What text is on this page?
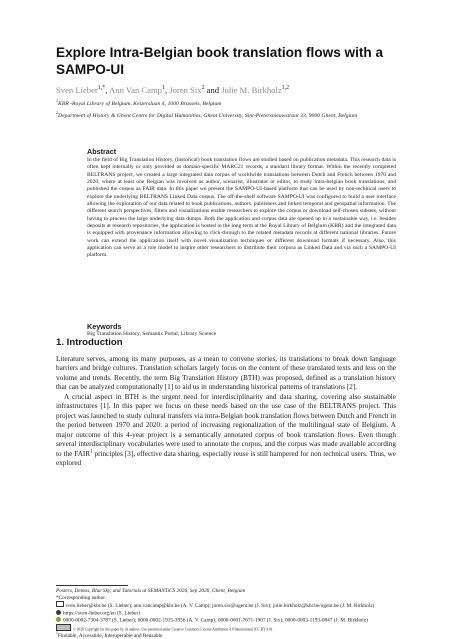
Explore Intra-Belgian book translation flows with a
SAMPO-UI
Sven Lieber$^{1,*}$, Ann Van Camp$^1$, Joren Six$^2$ and Julie M. Birkholz$^{1,2}$
$^1$KBR -Royal Library of Belgium, Keizerslaan 4, 1000 Brussels, Belgium
$^2$Department of History & Ghent Centre for Digital Humanities, Ghent University, Sint-Pietersnieuwstraat 33, 9000 Ghent, Belgium
Abstract
In the field of Big Translation History, (historical) book translation flows are studied based on publication metadata. This research data is often kept internally or only provided as domain-specific MARC21 records, a standard library format. Within the recently completed BELTRANS project, we created a large integrated data corpus of worldwide translations between Dutch and French between 1970 and 2020, where at least one Belgian was involved as author, scenarist, illustrator or editor, to study intra-belgian book translations, and published the corpus as FAIR data. In this paper we present the SAMPO-UI-based platform that can be used by non-technical users to explore the underlying BELTRANS Linked Data corpus. The off-the-shelf software SAMPO-UI was configured to build a user interface allowing the exploration of our data related to book publications, authors, publishers and linked temporal and geospatial information. The different search perspectives, filters and visualizations enable researchers to explore the corpus or download self-chosen subsets, without having to process the large underlying data dumps. Both the application and corpus data are opened up in a sustainable way, i.e. besides deposits at research repositories, the application is hosted in the long term at the Royal Library of Belgium (KBR) and the integrated data is equipped with provenance information allowing to click-through to the related metadata records at different national libraries. Future work can extend the application itself with novel visualization techniques or different download formats if necessary. Also, this application can serve as a role model to inspire other researchers to distribute their corpora as Linked Data and via such a SAMPO-UI platform.
Keywords
Big Translation History, Semantic Portal, Library Science
1. Introduction

Literature serves, among its many purposes, as a mean to convene stories, its translations to break down language barriers and bridge cultures. Translation scholars largely focus on the content of these translated texts and less on the volume and trends. Recently, the term Big Translation History (BTH) was proposed, defined as a translation history that can be analyzed computationally [1] to aid us in understanding historical patterns of translations [2].

A crucial aspect in BTH is the urgent need for interdisciplinarity and data sharing, covering also sustainable infrastructures [1]. In this paper we focus on these needs based on the use case of the BELTRANS project. This project was launched to study cultural transfers via intra-Belgian book translation flows between Dutch and French in the period between 1970 and 2020: a period of increasing regionalization of the multilingual state of Belgium. A major outcome of this 4-year project is a semantically annotated corpus of book translation flows. Even though several interdisciplinary vocabularies were used to annotate the corpus, and the corpus was made available according to the FAIR$^1$ principles [3], effective data sharing, especially reuse is still hampered for non technical users. Thus, we explored

Posters, Demos, Blue Sky, and Tutorials at SEMANTiCS 2026, Sep 2026, Ghent, Belgium
*Corresponding author.
sven.lieber@kbr.be (S. Lieber); ann.vancamp@kbr.be (A. V. Camp); joren.six@ugent.be (J. Six); julie.birkholz@kbr.be/ugent.be (J. M. Birkholz)
https://sven-lieber.org/en (S. Lieber)
0000-0002-7304-3787 (S. Lieber); 0000-0002-1915-3956 (A. V. Camp); 0000-0001-7671-1907 (J. Six); 0000-0003-1193-0847 (J. M. Birkholz)
© 2026 Copyright for this paper by its authors. Use permitted under Creative Commons License Attribution 4.0 International (CC BY 4.0).
$^1$Findable, Accessible, Interoperable and Reusable
